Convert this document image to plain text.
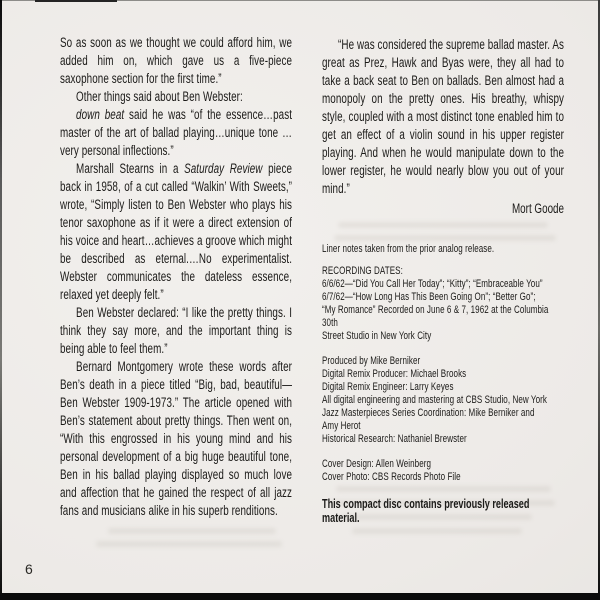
So as soon as we thought we could afford him, we added him on, which gave us a five-piece saxophone section for the first time.”

Other things said about Ben Webster:

down beat said he was “of the essence…past master of the art of ballad playing…unique tone …very personal inflections.”

Marshall Stearns in a Saturday Review piece back in 1958, of a cut called “Walkin’ With Sweets,” wrote, “Simply listen to Ben Webster who plays his tenor saxophone as if it were a direct extension of his voice and heart…achieves a groove which might be described as eternal.…No experimentalist. Webster communicates the dateless essence, relaxed yet deeply felt.”

Ben Webster declared: “I like the pretty things. I think they say more, and the important thing is being able to feel them.”

Bernard Montgomery wrote these words after Ben’s death in a piece titled “Big, bad, beautiful—Ben Webster 1909-1973.” The article opened with Ben’s statement about pretty things. Then went on, “With this engrossed in his young mind and his personal development of a big huge beautiful tone, Ben in his ballad playing displayed so much love and affection that he gained the respect of all jazz fans and musicians alike in his superb renditions.

“He was considered the supreme ballad master. As great as Prez, Hawk and Byas were, they all had to take a back seat to Ben on ballads. Ben almost had a monopoly on the pretty ones. His breathy, whispy style, coupled with a most distinct tone enabled him to get an effect of a violin sound in his upper register playing. And when he would manipulate down to the lower register, he would nearly blow you out of your mind.”

Mort Goode
Liner notes taken from the prior analog release.
RECORDING DATES:
6/6/62—“Did You Call Her Today”; “Kitty”; “Embraceable You”
6/7/62—“How Long Has This Been Going On”; “Better Go”;
“My Romance” Recorded on June 6 & 7, 1962 at the Columbia 30th
Street Studio in New York City
Produced by Mike Berniker
Digital Remix Producer: Michael Brooks
Digital Remix Engineer: Larry Keyes
All digital engineering and mastering at CBS Studio, New York
Jazz Masterpieces Series Coordination: Mike Berniker and
Amy Herot
Historical Research: Nathaniel Brewster
Cover Design: Allen Weinberg
Cover Photo: CBS Records Photo File
This compact disc contains previously released material.
6
